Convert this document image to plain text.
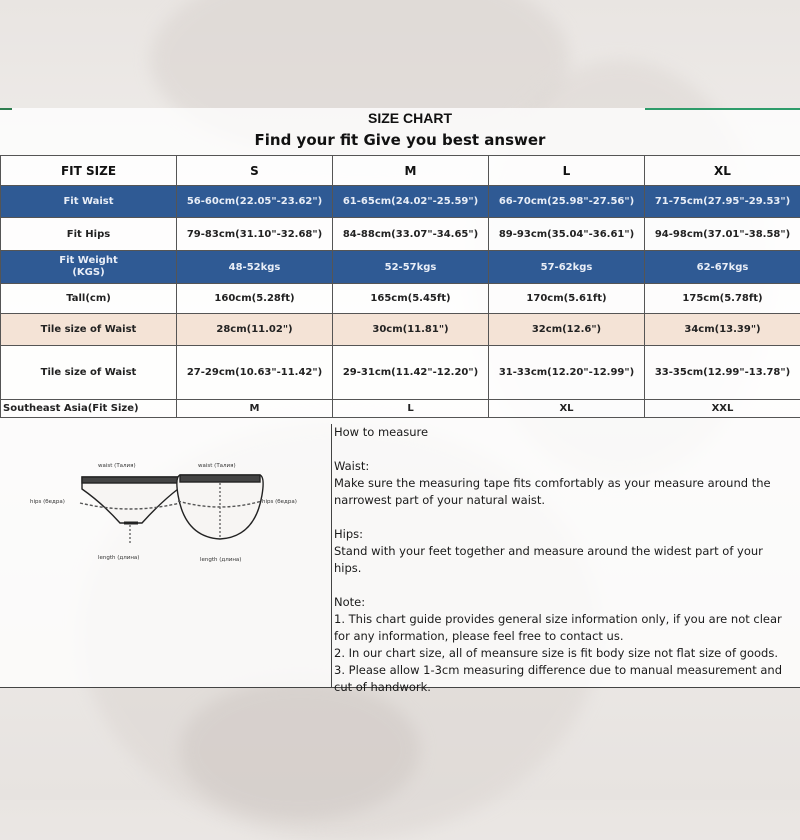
SIZE CHART
Find your fit Give you best answer
FIT SIZE	S	M	L	XL
Fit Waist	56-60cm(22.05"-23.62")	61-65cm(24.02"-25.59")	66-70cm(25.98"-27.56")	71-75cm(27.95"-29.53")
Fit Hips	79-83cm(31.10"-32.68")	84-88cm(33.07"-34.65")	89-93cm(35.04"-36.61")	94-98cm(37.01"-38.58")
Fit Weight
(KGS)	48-52kgs	52-57kgs	57-62kgs	62-67kgs
Tall(cm)	160cm(5.28ft)	165cm(5.45ft)	170cm(5.61ft)	175cm(5.78ft)
Tile size of Waist	28cm(11.02")	30cm(11.81")	32cm(12.6")	34cm(13.39")
Tile size of Waist	27-29cm(10.63"-11.42")	29-31cm(11.42"-12.20")	31-33cm(12.20"-12.99")	33-35cm(12.99"-13.78")
Southeast Asia(Fit Size)	M	L	XL	XXL
waist (Талия)	waist (Талия)
hips (бедра)	hips (бедра)
length (длина)	length (длина)

How to measure

Waist:

Make sure the measuring tape fits comfortably as your measure around the narrowest part of your natural waist.

Hips:

Stand with your feet together and measure around the widest part of your hips.

Note:

1. This chart guide provides general size information only, if you are not clear for any information, please feel free to contact us.

2. In our chart size, all of meansure size is fit body size not flat size of goods.

3. Please allow 1-3cm measuring difference due to manual measurement and cut of handwork.
